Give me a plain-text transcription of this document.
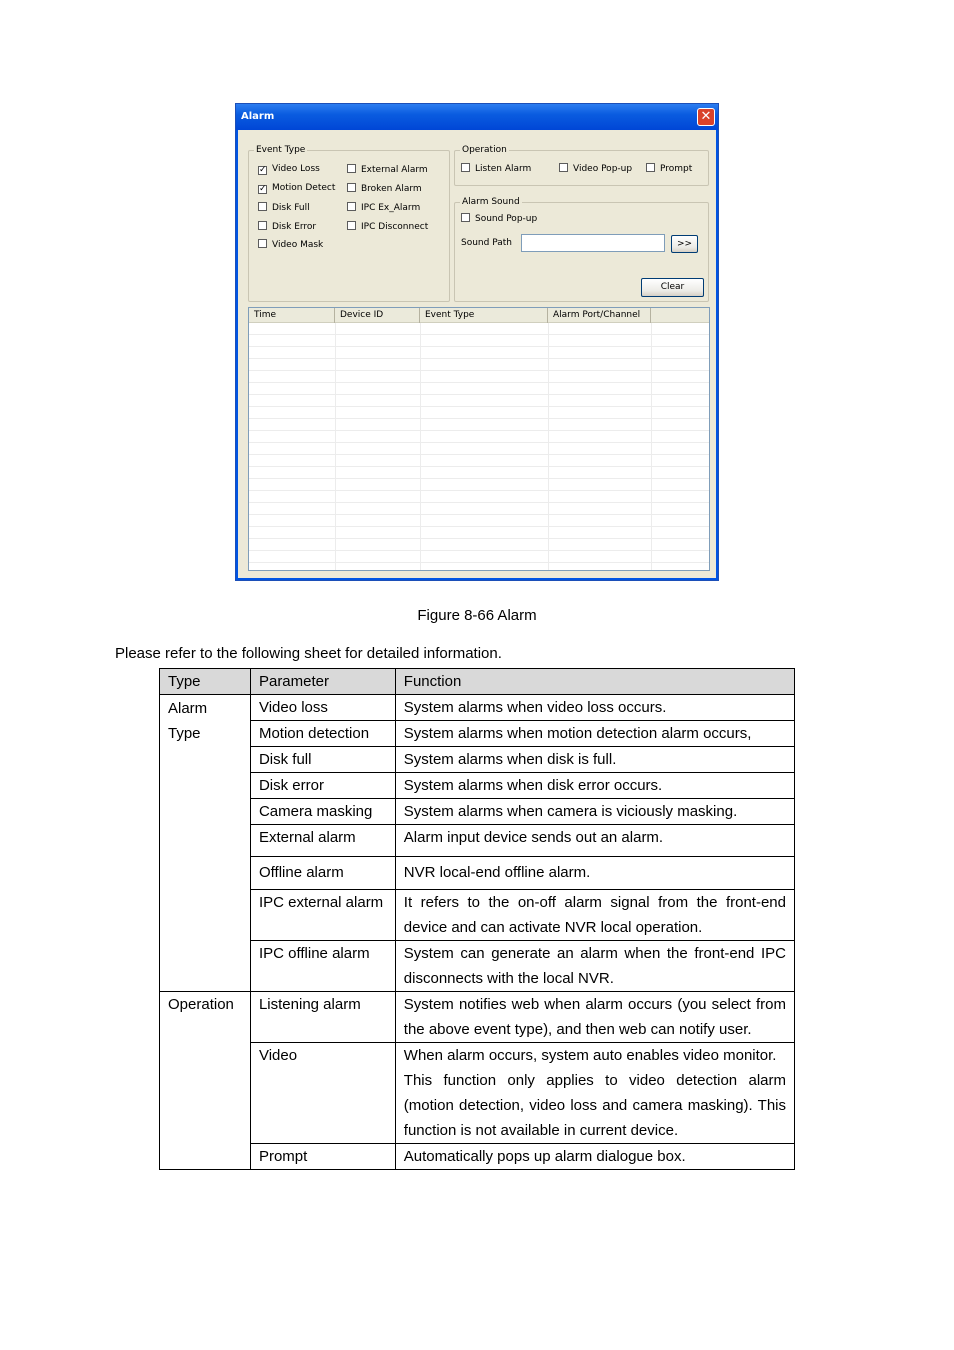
Alarm	✕
Event Type
✓ Video Loss
✓ Motion Detect
Disk Full
Disk Error
Video Mask
External Alarm
Broken Alarm
IPC Ex_Alarm
IPC Disconnect
Operation
Listen Alarm	Video Pop-up	Prompt
Alarm Sound
Sound Pop-up
Sound Path	>>
Clear
Time	Device ID	Event Type	Alarm Port/Channel
Figure 8-66 Alarm
Please refer to the following sheet for detailed information.
Type	Parameter	Function
Alarm Type	Video loss	System alarms when video loss occurs.
	Motion detection	System alarms when motion detection alarm occurs,
	Disk full	System alarms when disk is full.
	Disk error	System alarms when disk error occurs.
	Camera masking	System alarms when camera is viciously masking.
	External alarm	Alarm input device sends out an alarm.
	Offline alarm	NVR local-end offline alarm.
	IPC external alarm	It refers to the on-off alarm signal from the front-end device and can activate NVR local operation.
	IPC offline alarm	System can generate an alarm when the front-end IPC disconnects with the local NVR.
Operation	Listening alarm	System notifies web when alarm occurs (you select from the above event type), and then web can notify user.
	Video	When alarm occurs, system auto enables video monitor.
This function only applies to video detection alarm (motion detection, video loss and camera masking). This function is not available in current device.

	Prompt	Automatically pops up alarm dialogue box.
